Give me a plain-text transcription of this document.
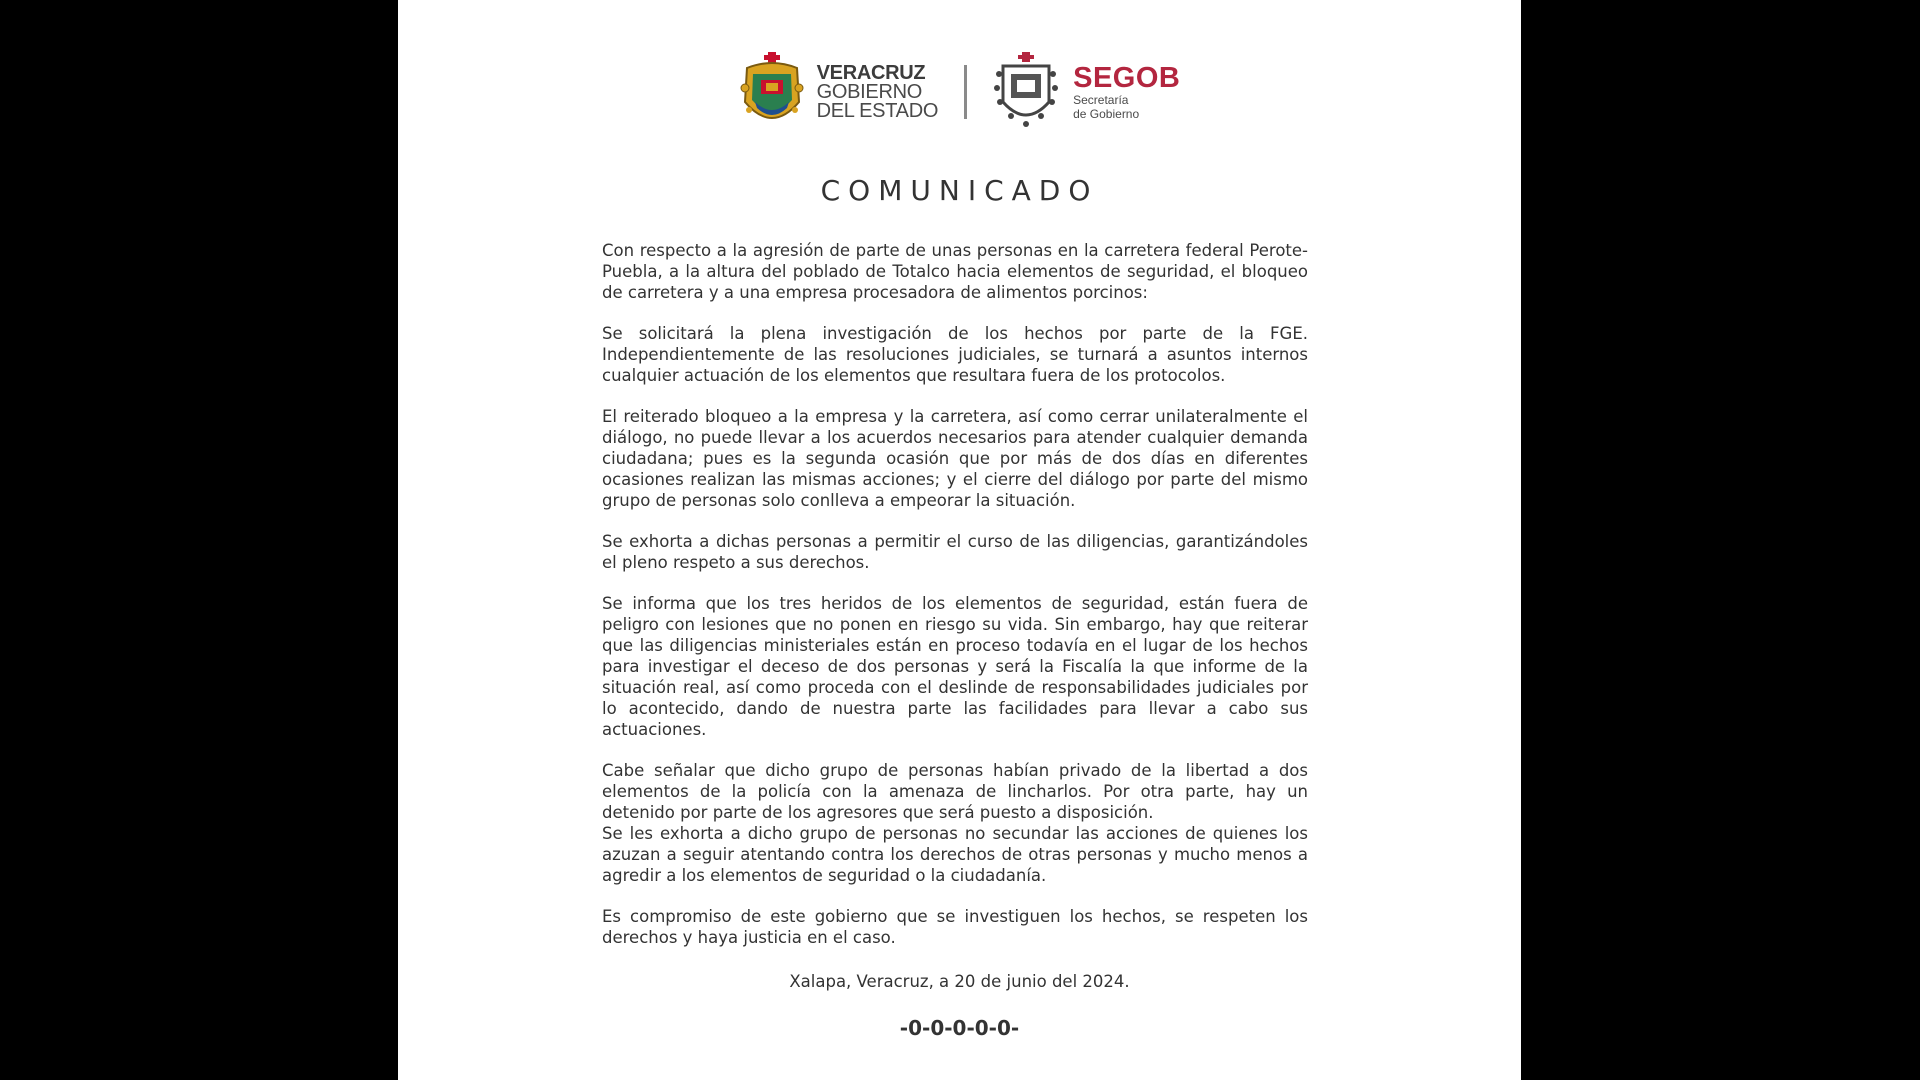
VERACRUZ
GOBIERNO
DEL ESTADO
SEGOB
Secretaría
de Gobierno
COMUNICADO

Con respecto a la agresión de parte de unas personas en la carretera federal Perote-Puebla, a la altura del poblado de Totalco hacia elementos de seguridad, el bloqueo de carretera y a una empresa procesadora de alimentos porcinos:

Se solicitará la plena investigación de los hechos por parte de la FGE. Independientemente de las resoluciones judiciales, se turnará a asuntos internos cualquier actuación de los elementos que resultara fuera de los protocolos.

El reiterado bloqueo a la empresa y la carretera, así como cerrar unilateralmente el diálogo, no puede llevar a los acuerdos necesarios para atender cualquier demanda ciudadana; pues es la segunda ocasión que por más de dos días en diferentes ocasiones realizan las mismas acciones; y el cierre del diálogo por parte del mismo grupo de personas solo conlleva a empeorar la situación.

Se exhorta a dichas personas a permitir el curso de las diligencias, garantizándoles el pleno respeto a sus derechos.

Se informa que los tres heridos de los elementos de seguridad, están fuera de peligro con lesiones que no ponen en riesgo su vida. Sin embargo, hay que reiterar que las diligencias ministeriales están en proceso todavía en el lugar de los hechos para investigar el deceso de dos personas y será la Fiscalía la que informe de la situación real, así como proceda con el deslinde de responsabilidades judiciales por lo acontecido, dando de nuestra parte las facilidades para llevar a cabo sus actuaciones.

Cabe señalar que dicho grupo de personas habían privado de la libertad a dos elementos de la policía con la amenaza de lincharlos. Por otra parte, hay un detenido por parte de los agresores que será puesto a disposición.

Se les exhorta a dicho grupo de personas no secundar las acciones de quienes los azuzan a seguir atentando contra los derechos de otras personas y mucho menos a agredir a los elementos de seguridad o la ciudadanía.

Es compromiso de este gobierno que se investiguen los hechos, se respeten los derechos y haya justicia en el caso.

Xalapa, Veracruz, a 20 de junio del 2024.
-0-0-0-0-0-
